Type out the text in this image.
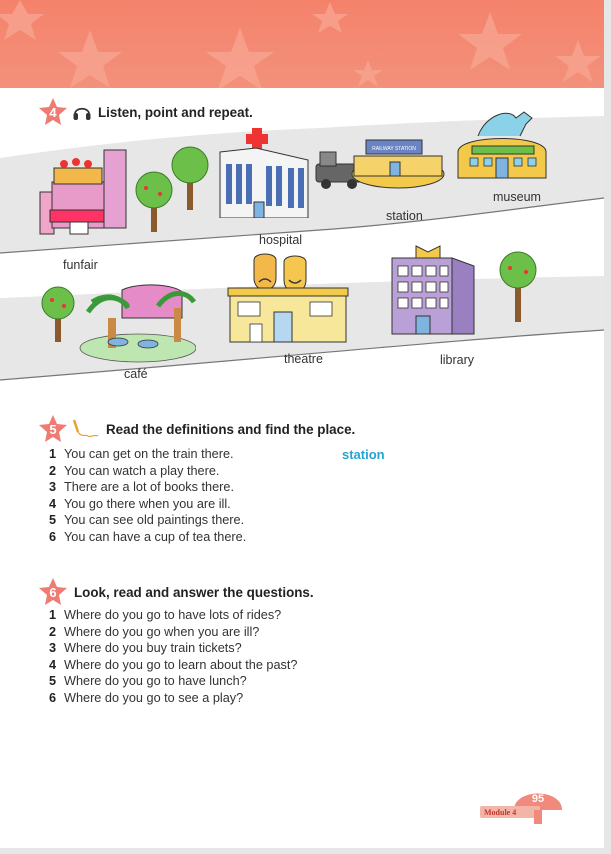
4	Listen, point and repeat.
RAILWAY STATION
funfair
hospital
station
museum
café
theatre	library
5	Read the definitions and find the place.
1 You can get on the train there.
2 You can watch a play there.
3 There are a lot of books there.
4 You go there when you are ill.
5 You can see old paintings there.
6 You can have a cup of tea there.
station
6	Look, read and answer the questions.
1 Where do you go to have lots of rides?
2 Where do you go when you are ill?
3 Where do you buy train tickets?
4 Where do you go to learn about the past?
5 Where do you go to have lunch?
6 Where do you go to see a play?
95
Module 4
